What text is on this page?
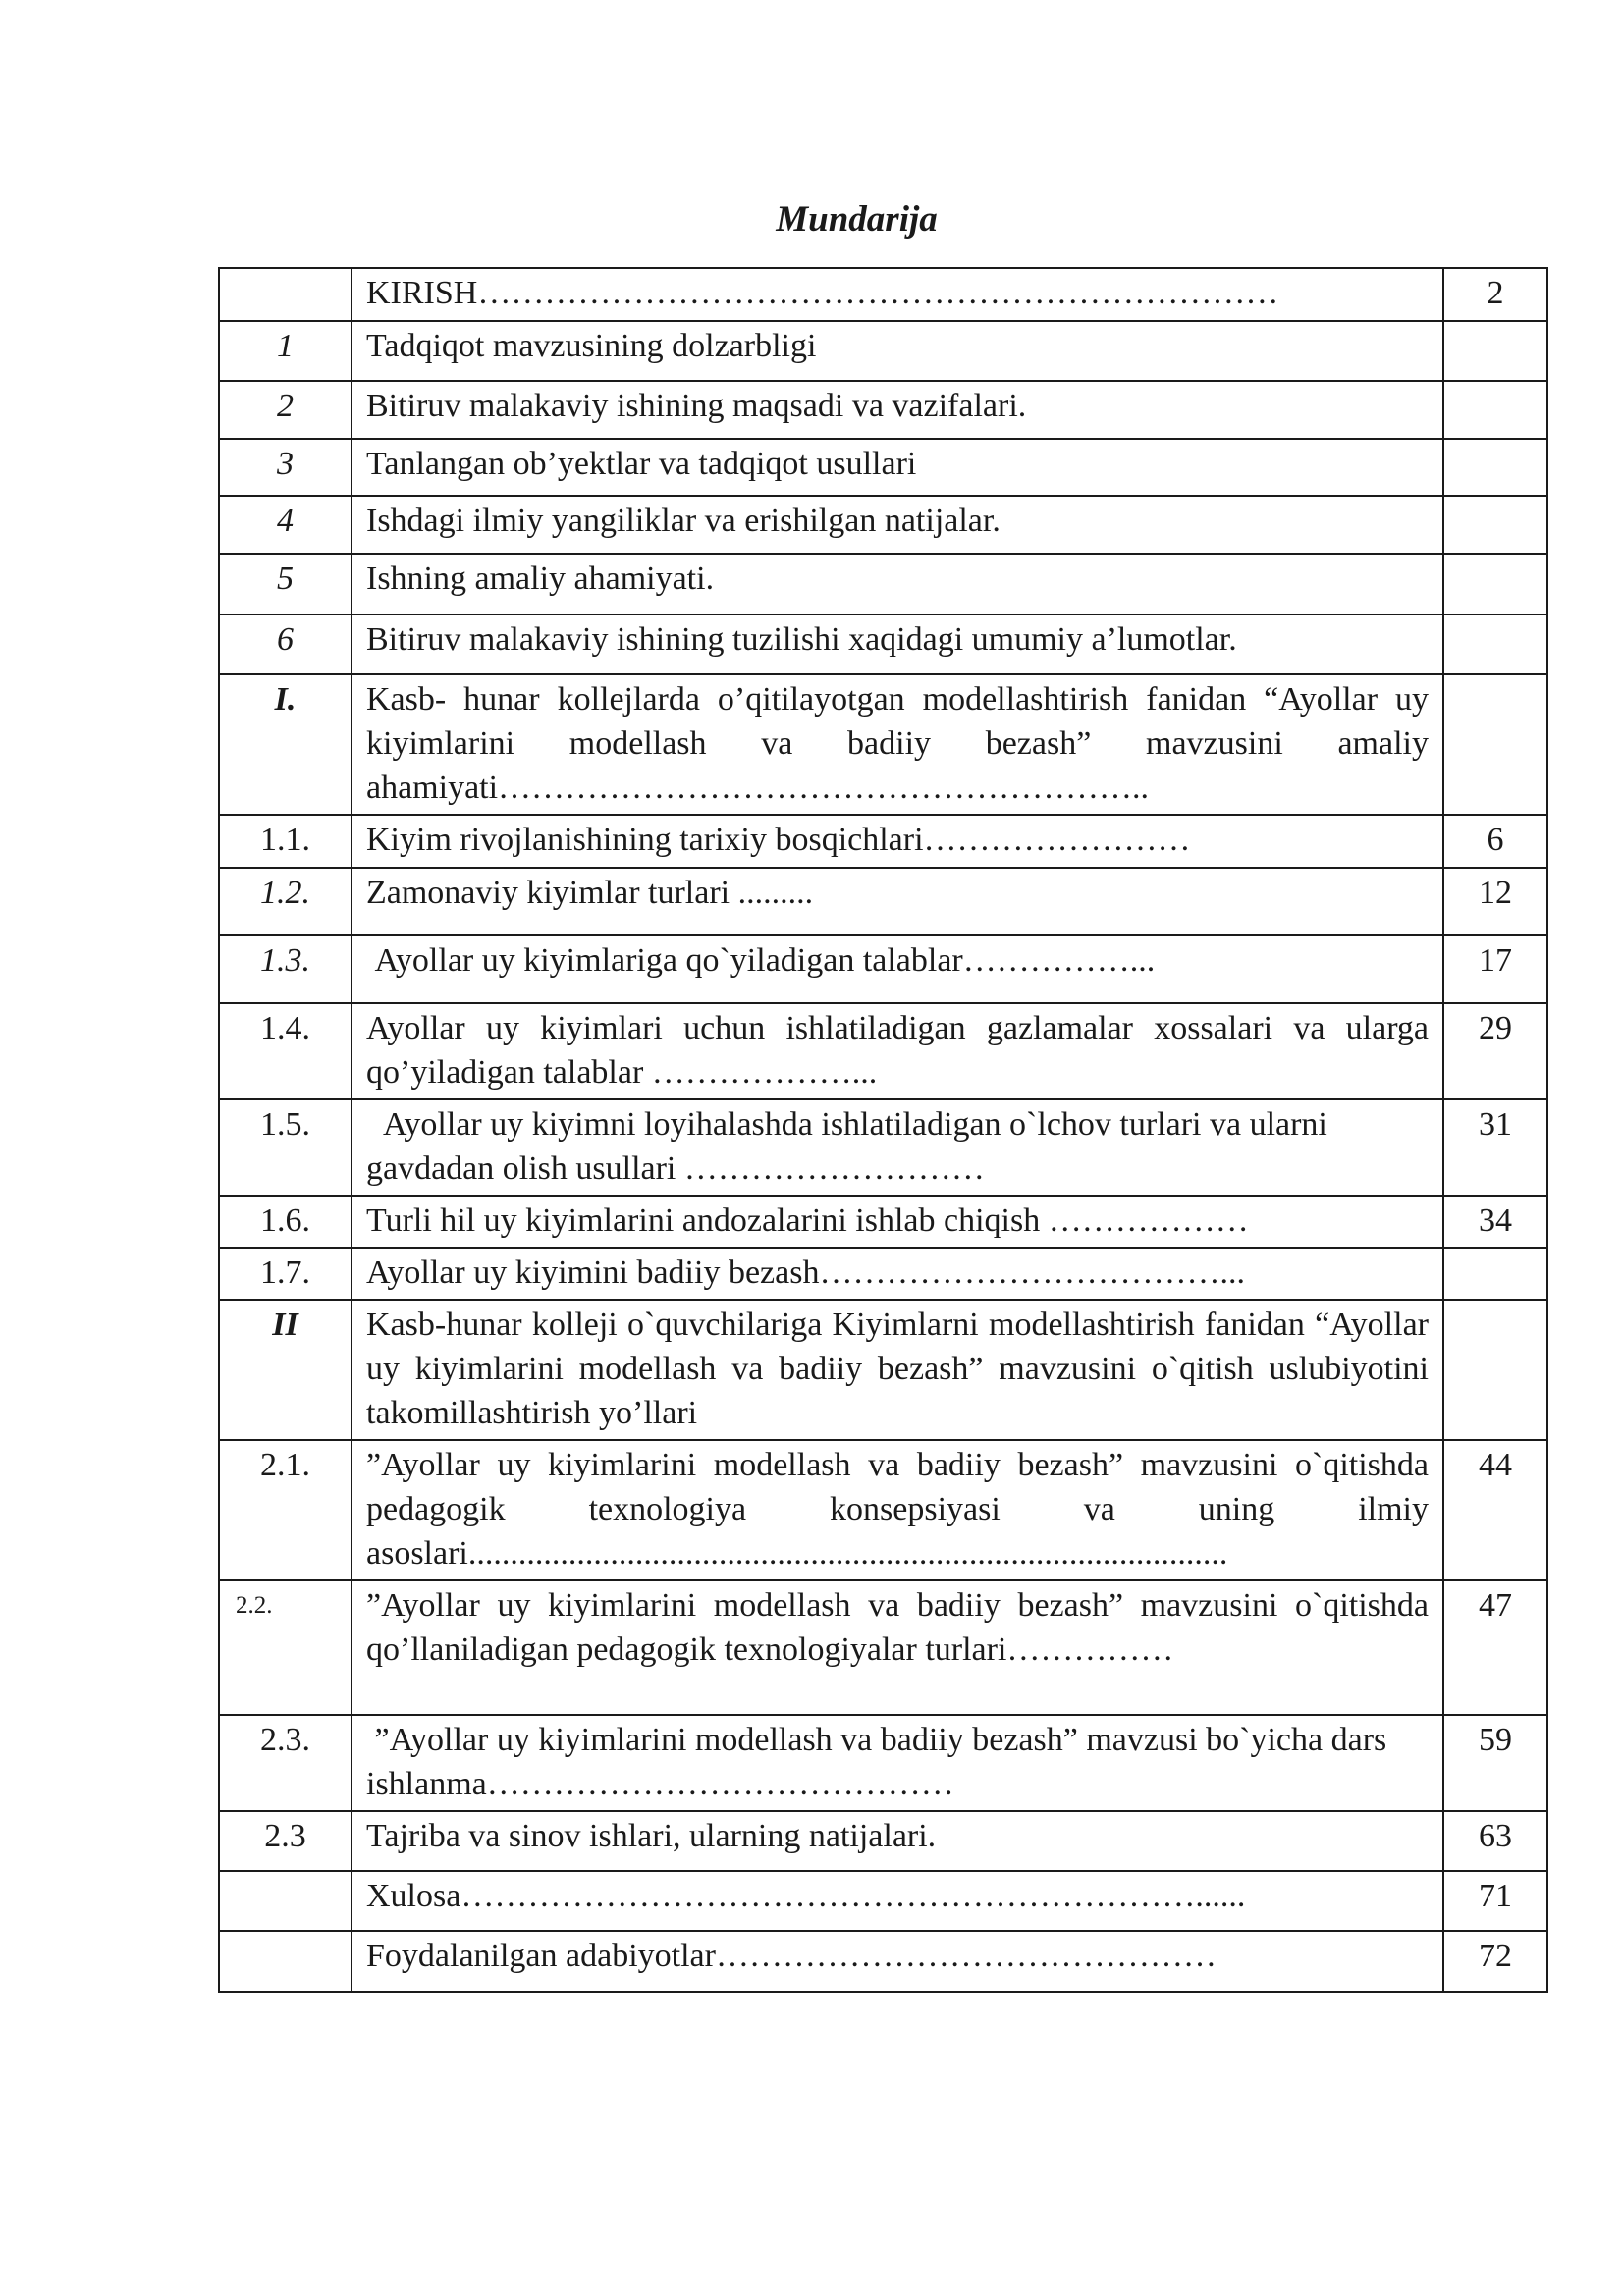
Mundarija
	KIRISH………………………………………………………………	2
1	Tadqiqot mavzusining dolzarbligi	
2	Bitiruv malakaviy ishining maqsadi va vazifalari.	
3	Tanlangan ob’yektlar va tadqiqot usullari	
4	Ishdagi ilmiy yangiliklar va erishilgan natijalar.	
5	Ishning amaliy ahamiyati.	
6	Bitiruv malakaviy ishining tuzilishi xaqidagi umumiy a’lumotlar.	
I.	Kasb- hunar kollejlarda o’qitilayotgan modellashtirish fanidan “Ayollar uy kiyimlarini modellash va badiiy bezash” mavzusini amaliy ahamiyati…………………………………………………..	
1.1.	Kiyim rivojlanishining tarixiy bosqichlari……………………	6
1.2.	Zamonaviy kiyimlar turlari .........	12
1.3.	Ayollar uy kiyimlariga qo`yiladigan talablar……………...	17
1.4.	Ayollar uy kiyimlari uchun ishlatiladigan gazlamalar xossalari va ularga qo’yiladigan talablar ………………...	29
1.5.	Ayollar uy kiyimni loyihalashda ishlatiladigan o`lchov turlari va ularni gavdadan olish usullari ………………………	31
1.6.	Turli hil uy kiyimlarini andozalarini ishlab chiqish ………………	34
1.7.	Ayollar uy kiyimini badiiy bezash………………………………...	
II	Kasb-hunar kolleji o`quvchilariga Kiyimlarni modellashtirish fanidan “Ayollar uy kiyimlarini modellash va badiiy bezash” mavzusini o`qitish uslubiyotini takomillashtirish yo’llari	
2.1.	”Ayollar uy kiyimlarini modellash va badiiy bezash” mavzusini o`qitishda pedagogik texnologiya konsepsiyasi va uning ilmiy asoslari...........................................................................................	44
2.2.	”Ayollar uy kiyimlarini modellash va badiiy bezash” mavzusini o`qitishda qo’llaniladigan pedagogik texnologiyalar turlari……………	47
2.3.	”Ayollar uy kiyimlarini modellash va badiiy bezash” mavzusi bo`yicha dars ishlanma……………………………………	59
2.3	Tajriba va sinov ishlari, ularning natijalari.	63
	Xulosa…………………………………………………………......	71
	Foydalanilgan adabiyotlar………………………………………	72
